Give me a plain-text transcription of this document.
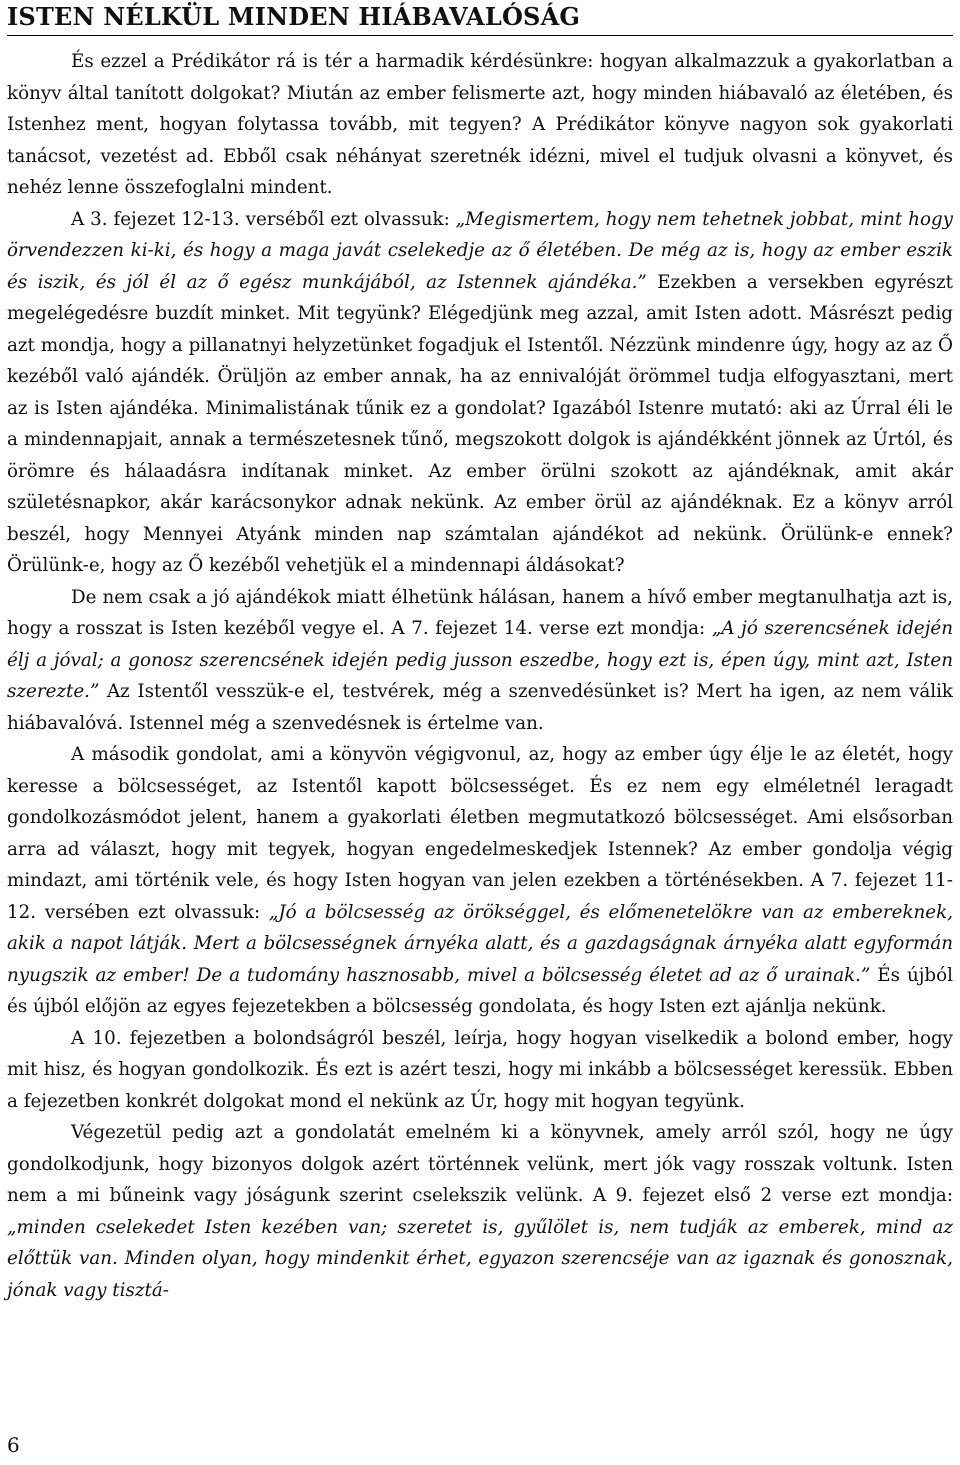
ISTEN NÉLKÜL MINDEN HIÁBAVALÓSÁG

És ezzel a Prédikátor rá is tér a harmadik kérdésünkre: hogyan alkalmazzuk a gyakorlatban a könyv által tanított dolgokat? Miután az ember felismerte azt, hogy minden hiábavaló az életében, és Istenhez ment, hogyan folytassa tovább, mit tegyen? A Prédikátor könyve nagyon sok gyakorlati tanácsot, vezetést ad. Ebből csak néhányat szeretnék idézni, mivel el tudjuk olvasni a könyvet, és nehéz lenne összefoglalni mindent.

A 3. fejezet 12-13. verséből ezt olvassuk: „Megismertem, hogy nem tehetnek jobbat, mint hogy örvendezzen ki-ki, és hogy a maga javát cselekedje az ő életében. De még az is, hogy az ember eszik és iszik, és jól él az ő egész munkájából, az Istennek ajándéka.” Ezekben a versekben egyrészt megelégedésre buzdít minket. Mit tegyünk? Elégedjünk meg azzal, amit Isten adott. Másrészt pedig azt mondja, hogy a pillanatnyi helyzetünket fogadjuk el Istentől. Nézzünk mindenre úgy, hogy az az Ő kezéből való ajándék. Örüljön az ember annak, ha az ennivalóját örömmel tudja elfogyasztani, mert az is Isten ajándéka. Minimalistának tűnik ez a gondolat? Igazából Istenre mutató: aki az Úrral éli le a mindennapjait, annak a természetesnek tűnő, megszokott dolgok is ajándékként jönnek az Úrtól, és örömre és hálaadásra indítanak minket. Az ember örülni szokott az ajándéknak, amit akár születésnapkor, akár karácsonykor adnak nekünk. Az ember örül az ajándéknak. Ez a könyv arról beszél, hogy Mennyei Atyánk minden nap számtalan ajándékot ad nekünk. Örülünk-e ennek? Örülünk-e, hogy az Ő kezéből vehetjük el a mindennapi áldásokat?

De nem csak a jó ajándékok miatt élhetünk hálásan, hanem a hívő ember megtanulhatja azt is, hogy a rosszat is Isten kezéből vegye el. A 7. fejezet 14. verse ezt mondja: „A jó szerencsének idején élj a jóval; a gonosz szerencsének idején pedig jusson eszedbe, hogy ezt is, épen úgy, mint azt, Isten szerezte.” Az Istentől vesszük-e el, testvérek, még a szenvedésünket is? Mert ha igen, az nem válik hiábavalóvá. Istennel még a szenvedésnek is értelme van.

A második gondolat, ami a könyvön végigvonul, az, hogy az ember úgy élje le az életét, hogy keresse a bölcsességet, az Istentől kapott bölcsességet. És ez nem egy elméletnél leragadt gondolkozásmódot jelent, hanem a gyakorlati életben megmutatkozó bölcsességet. Ami elsősorban arra ad választ, hogy mit tegyek, hogyan engedelmeskedjek Istennek? Az ember gondolja végig mindazt, ami történik vele, és hogy Isten hogyan van jelen ezekben a történésekben. A 7. fejezet 11-12. versében ezt olvassuk: „Jó a bölcsesség az örökséggel, és előmenetelökre van az embereknek, akik a napot látják. Mert a bölcsességnek árnyéka alatt, és a gazdagságnak árnyéka alatt egyformán nyugszik az ember! De a tudomány hasznosabb, mivel a bölcsesség életet ad az ő urainak.” És újból és újból előjön az egyes fejezetekben a bölcsesség gondolata, és hogy Isten ezt ajánlja nekünk.

A 10. fejezetben a bolondságról beszél, leírja, hogy hogyan viselkedik a bolond ember, hogy mit hisz, és hogyan gondolkozik. És ezt is azért teszi, hogy mi inkább a bölcsességet keressük. Ebben a fejezetben konkrét dolgokat mond el nekünk az Úr, hogy mit hogyan tegyünk.

Végezetül pedig azt a gondolatát emelném ki a könyvnek, amely arról szól, hogy ne úgy gondolkodjunk, hogy bizonyos dolgok azért történnek velünk, mert jók vagy rosszak voltunk. Isten nem a mi bűneink vagy jóságunk szerint cselekszik velünk. A 9. fejezet első 2 verse ezt mondja: „minden cselekedet Isten kezében van; szeretet is, gyűlölet is, nem tudják az emberek, mind az előttük van. Minden olyan, hogy mindenkit érhet, egyazon szerencséje van az igaznak és gonosznak, jónak vagy tisztá-

6
